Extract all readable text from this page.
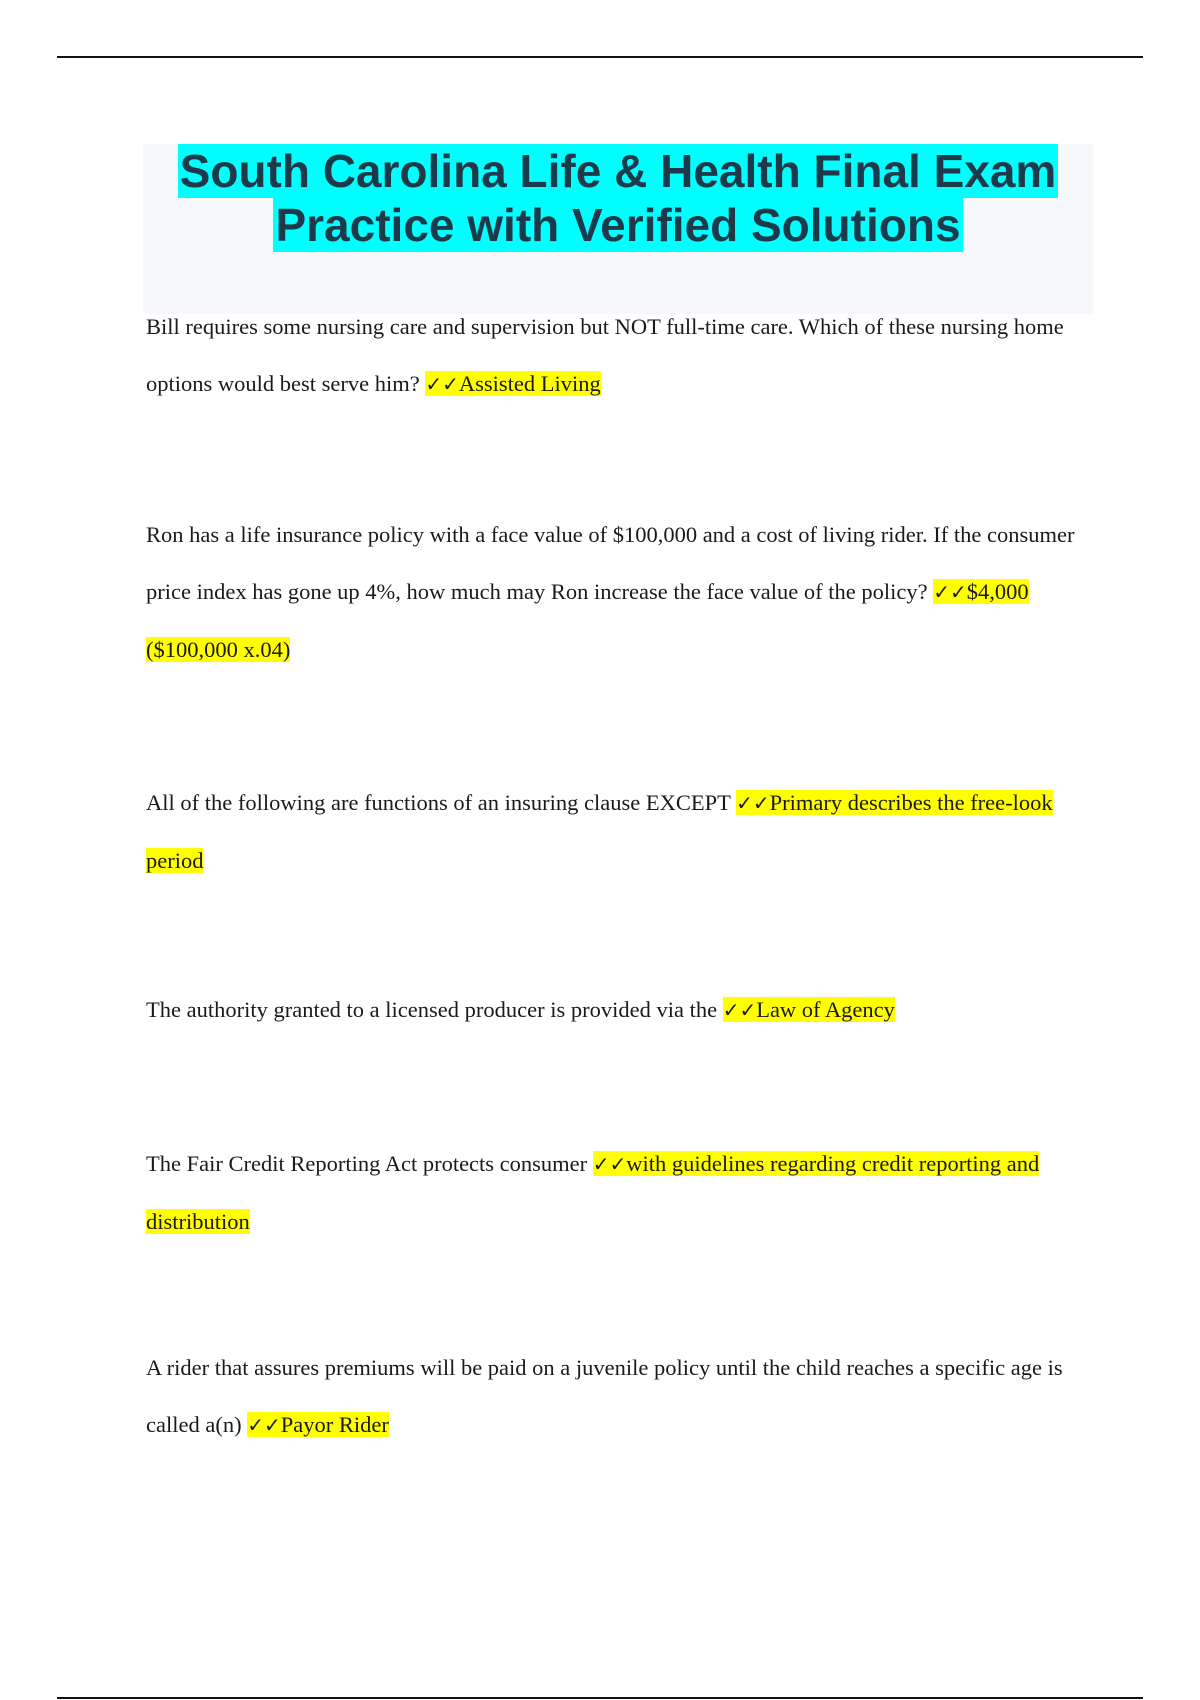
South Carolina Life & Health Final Exam
Practice with Verified Solutions

Bill requires some nursing care and supervision but NOT full-time care. Which of these nursing home options would best serve him? ✓✓Assisted Living

Ron has a life insurance policy with a face value of $100,000 and a cost of living rider. If the consumer price index has gone up 4%, how much may Ron increase the face value of the policy? ✓✓$4,000 ($100,000 x.04)

All of the following are functions of an insuring clause EXCEPT ✓✓Primary describes the free-look period

The authority granted to a licensed producer is provided via the ✓✓Law of Agency

The Fair Credit Reporting Act protects consumer ✓✓with guidelines regarding credit reporting and distribution

A rider that assures premiums will be paid on a juvenile policy until the child reaches a specific age is called a(n) ✓✓Payor Rider
